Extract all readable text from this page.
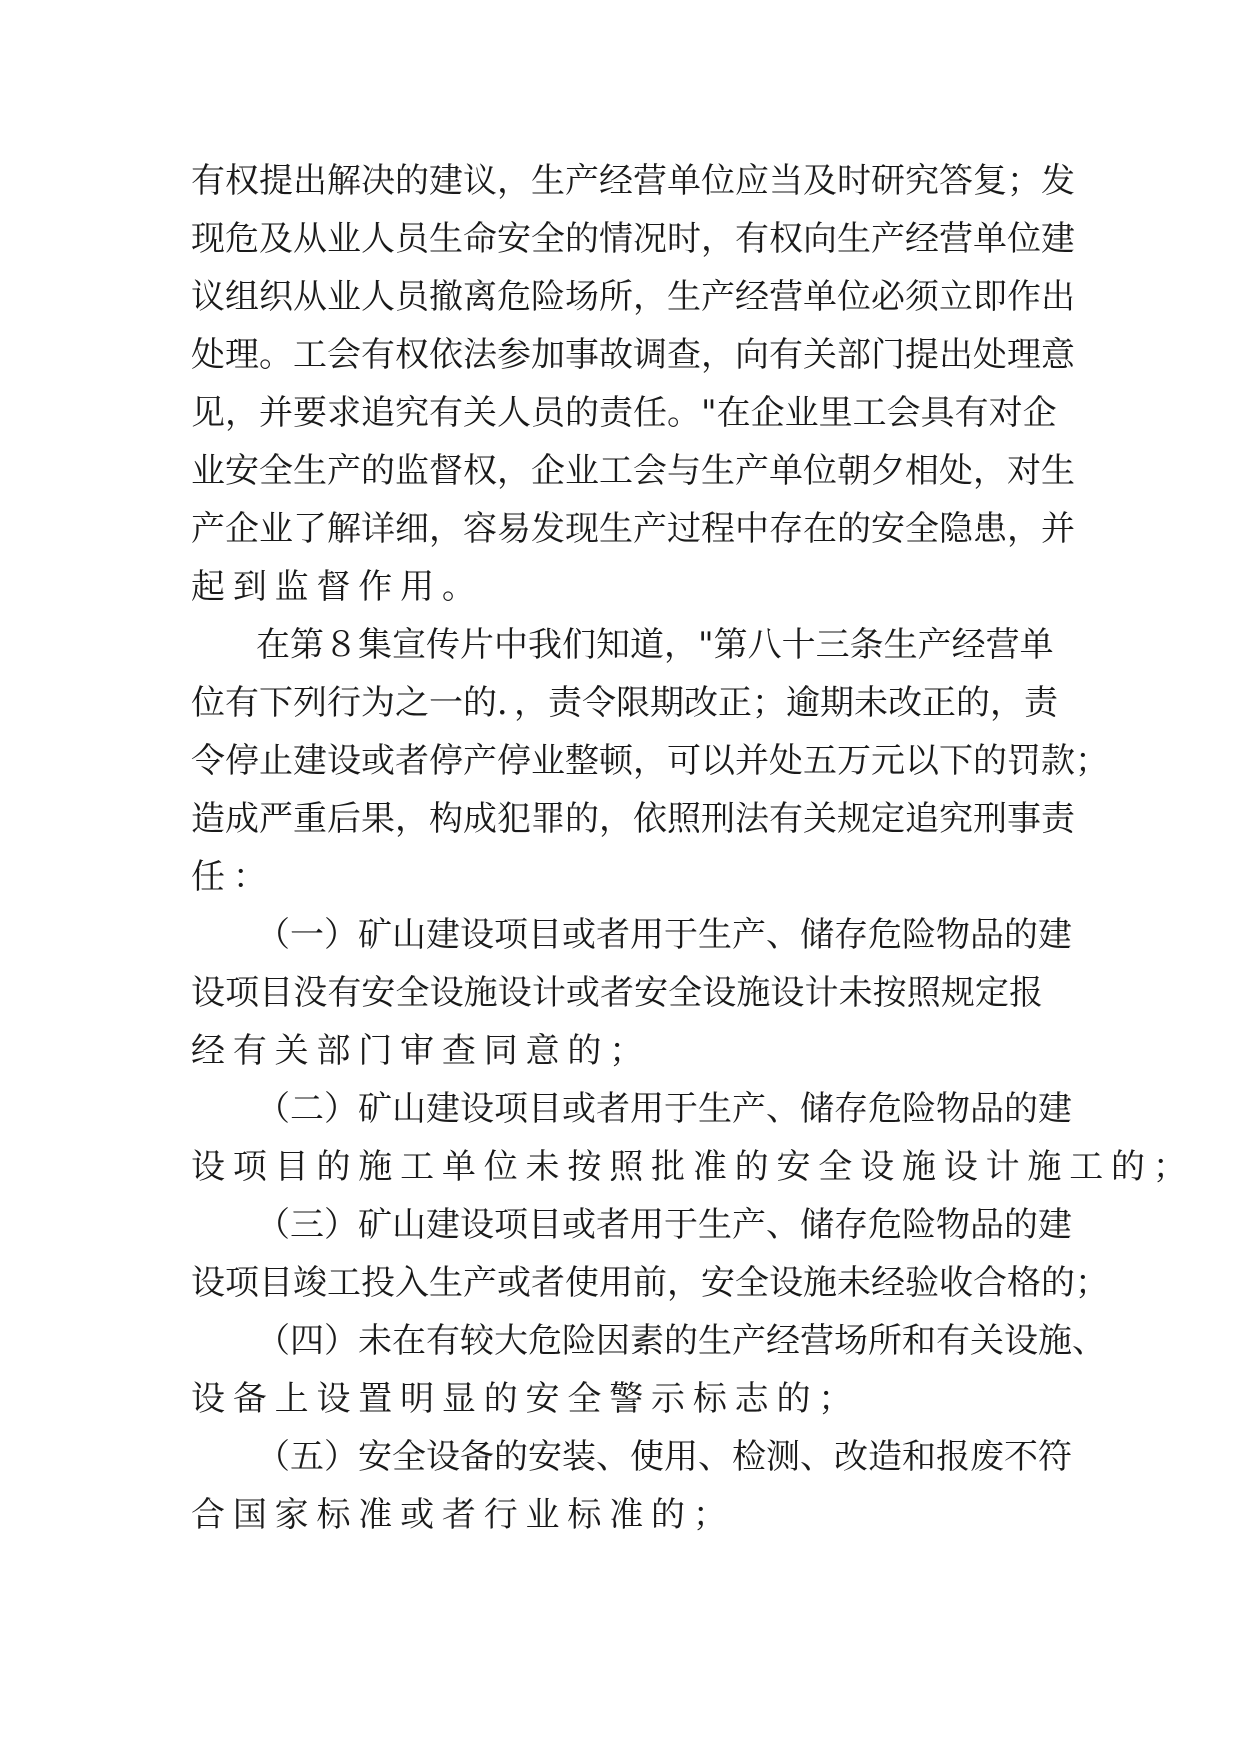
有权提出解决的建议，生产经营单位应当及时研究答复；发
现危及从业人员生命安全的情况时，有权向生产经营单位建
议组织从业人员撤离危险场所，生产经营单位必须立即作出
处理。工会有权依法参加事故调查，向有关部门提出处理意
见，并要求追究有关人员的责任。"在企业里工会具有对企
业安全生产的监督权，企业工会与生产单位朝夕相处，对生
产企业了解详细，容易发现生产过程中存在的安全隐患，并
起到监督作用。
在第８集宣传片中我们知道，"第八十三条生产经营单
位有下列行为之一的．，责令限期改正；逾期未改正的，责
令停止建设或者停产停业整顿，可以并处五万元以下的罚款；
造成严重后果，构成犯罪的，依照刑法有关规定追究刑事责
任：
（一）矿山建设项目或者用于生产、储存危险物品的建
设项目没有安全设施设计或者安全设施设计未按照规定报
经有关部门审查同意的；
（二）矿山建设项目或者用于生产、储存危险物品的建
设项目的施工单位未按照批准的安全设施设计施工的；
（三）矿山建设项目或者用于生产、储存危险物品的建
设项目竣工投入生产或者使用前，安全设施未经验收合格的；
（四）未在有较大危险因素的生产经营场所和有关设施、
设备上设置明显的安全警示标志的；
（五）安全设备的安装、使用、检测、改造和报废不符
合国家标准或者行业标准的；
